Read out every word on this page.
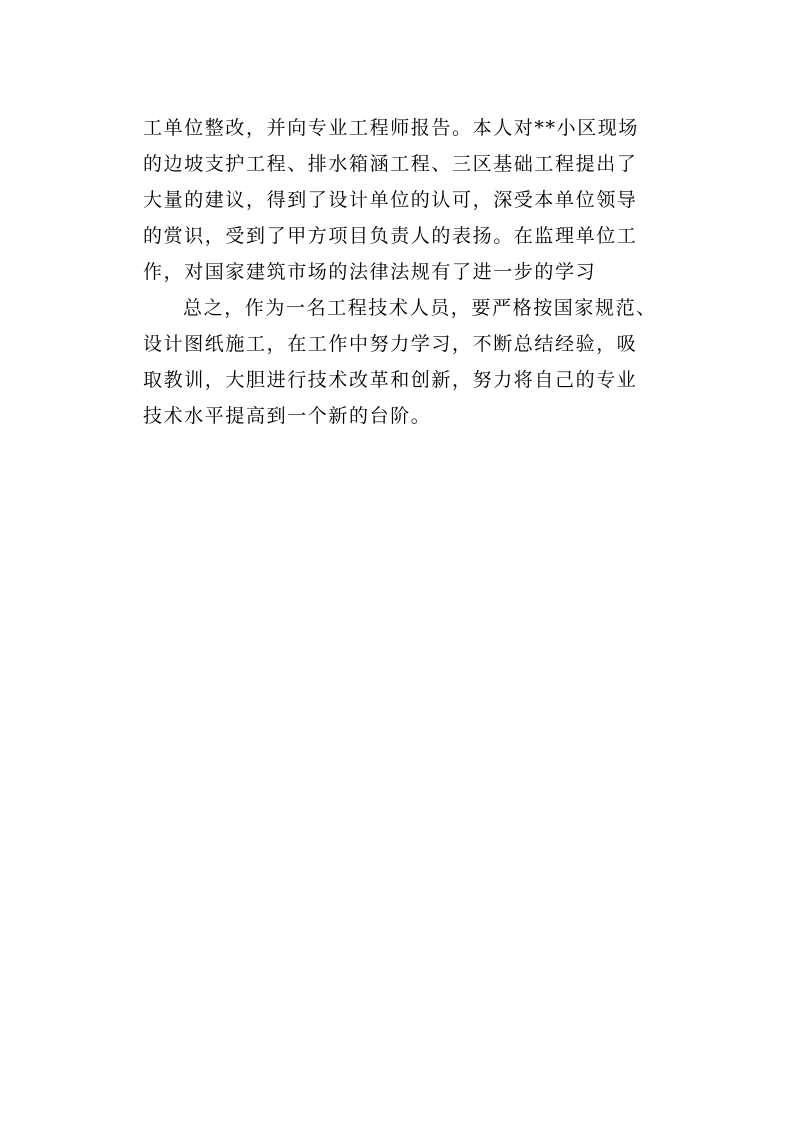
工单位整改，并向专业工程师报告。本人对**小区现场
的边坡支护工程、排水箱涵工程、三区基础工程提出了
大量的建议，得到了设计单位的认可，深受本单位领导
的赏识，受到了甲方项目负责人的表扬。在监理单位工
作，对国家建筑市场的法律法规有了进一步的学习
总之，作为一名工程技术人员，要严格按国家规范、
设计图纸施工，在工作中努力学习，不断总结经验，吸
取教训，大胆进行技术改革和创新，努力将自己的专业
技术水平提高到一个新的台阶。
